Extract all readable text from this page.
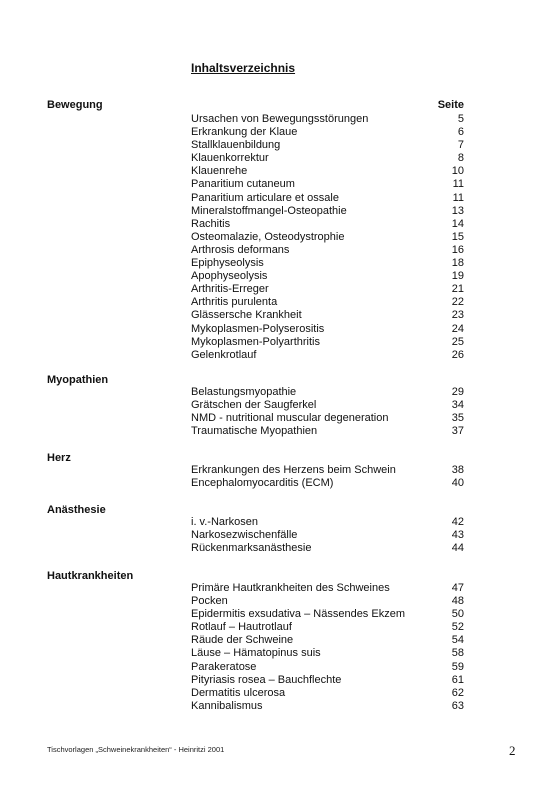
Inhaltsverzeichnis
Seite
Bewegung
Ursachen von Bewegungsstörungen	5
Erkrankung der Klaue	6
Stallklauenbildung	7
Klauenkorrektur	8
Klauenrehe	10
Panaritium cutaneum	11
Panaritium articulare et ossale	11
Mineralstoffmangel-Osteopathie	13
Rachitis	14
Osteomalazie, Osteodystrophie	15
Arthrosis deformans	16
Epiphyseolysis	18
Apophyseolysis	19
Arthritis-Erreger	21
Arthritis purulenta	22
Glässersche Krankheit	23
Mykoplasmen-Polyserositis	24
Mykoplasmen-Polyarthritis	25
Gelenkrotlauf	26
Myopathien
Belastungsmyopathie	29
Grätschen der Saugferkel	34
NMD - nutritional muscular degeneration	35
Traumatische Myopathien	37
Herz
Erkrankungen des Herzens beim Schwein	38
Encephalomyocarditis (ECM)	40
Anästhesie
i. v.-Narkosen	42
Narkosezwischenfälle	43
Rückenmarksanästhesie	44
Hautkrankheiten
Primäre Hautkrankheiten des Schweines	47
Pocken	48
Epidermitis exsudativa – Nässendes Ekzem	50
Rotlauf – Hautrotlauf	52
Räude der Schweine	54
Läuse – Hämatopinus suis	58
Parakeratose	59
Pityriasis rosea – Bauchflechte	61
Dermatitis ulcerosa	62
Kannibalismus	63
Tischvorlagen „Schweinekrankheiten“ - Heinritzi 2001	2
